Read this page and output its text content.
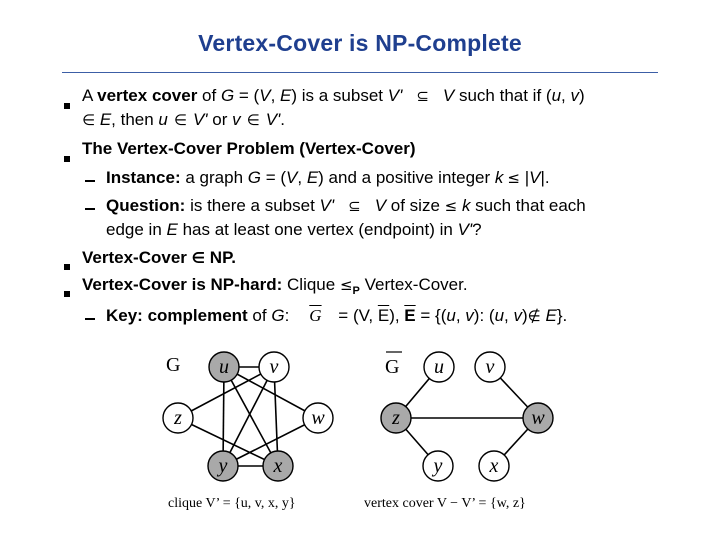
Vertex-Cover is NP-Complete
A vertex cover of G = (V, E) is a subset V' ⊆ V such that if (u, v)
∈ E, then u ∈ V' or v ∈ V'.
The Vertex-Cover Problem (Vertex-Cover)
Instance: a graph G = (V, E) and a positive integer k ≤ |V|.
Question: is there a subset V' ⊆ V of size ≤ k such that each
edge in E has at least one vertex (endpoint) in V'?
Vertex-Cover ∈ NP.
Vertex-Cover is NP-hard: Clique $\le_P$ Vertex-Cover.
Key: complement of G: $\overline{G} = (V$, $\overline{E}$), $\overline{E} = \{(u$, v): (u, v)∉ E}.
G u v
z	w
y x
G u v
z	w
y x
clique V’ = {u, v, x, y}	vertex cover V − V’ = {w, z}
